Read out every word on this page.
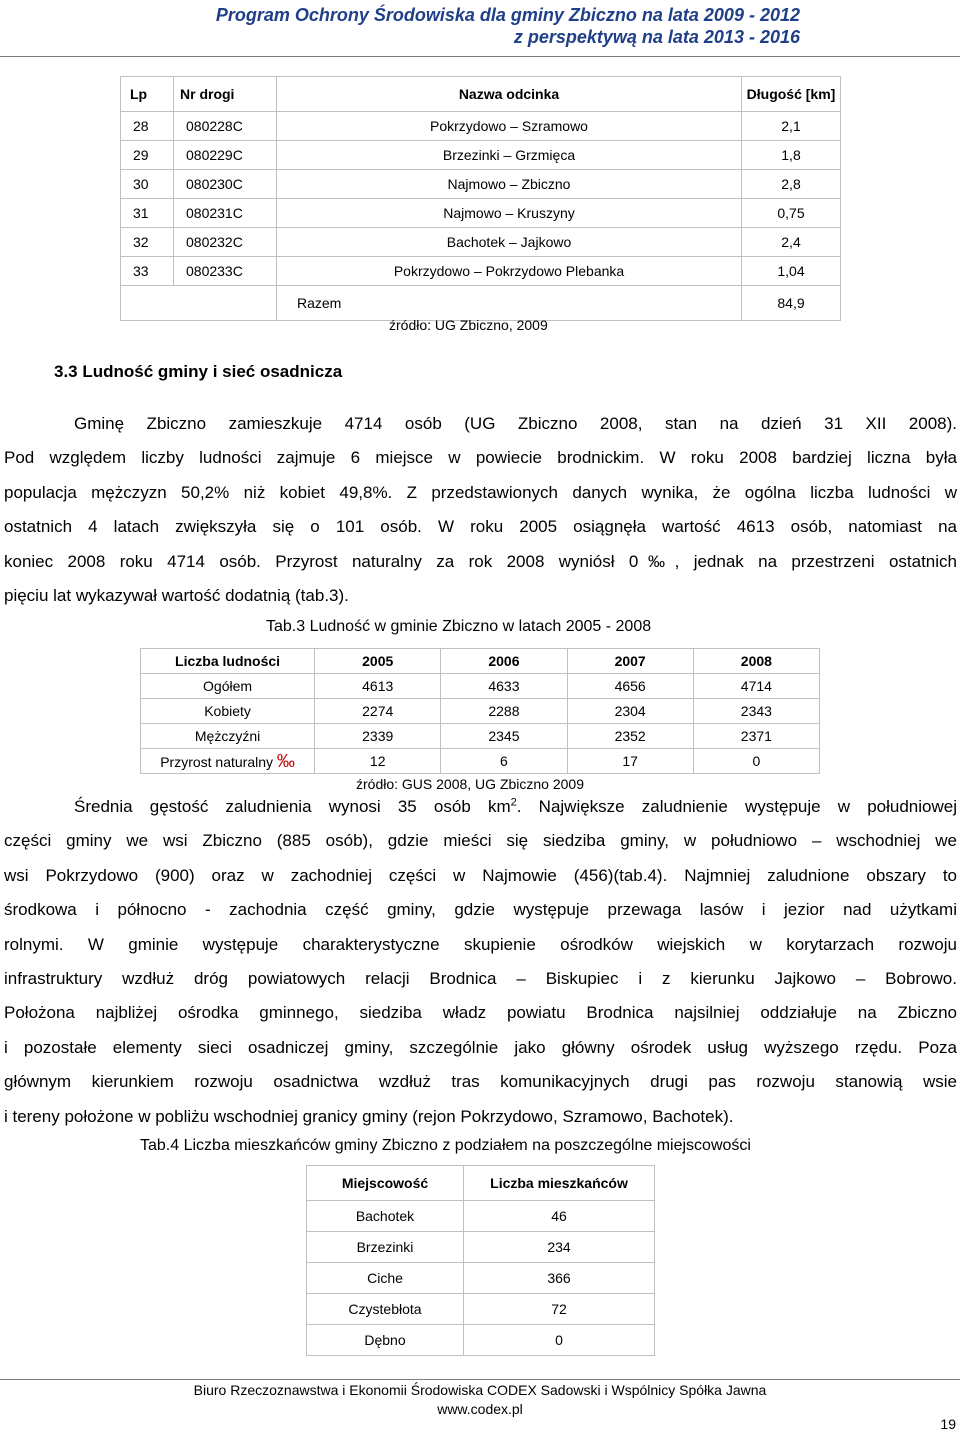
Program Ochrony Środowiska dla gminy Zbiczno na lata 2009 - 2012
z perspektywą na lata 2013 - 2016
Lp	Nr drogi	Nazwa odcinka	Długość [km]
28	080228C	Pokrzydowo – Szramowo	2,1
29	080229C	Brzezinki – Grzmięca	1,8
30	080230C	Najmowo – Zbiczno	2,8
31	080231C	Najmowo – Kruszyny	0,75
32	080232C	Bachotek – Jajkowo	2,4
33	080233C	Pokrzydowo – Pokrzydowo Plebanka	1,04
		Razem	84,9
źródło: UG Zbiczno, 2009
3.3 Ludność gminy i sieć osadnicza
Gminę Zbiczno zamieszkuje 4714 osób (UG Zbiczno 2008, stan na dzień 31 XII 2008).
Pod względem liczby ludności zajmuje 6 miejsce w powiecie brodnickim. W roku 2008 bardziej liczna była
populacja mężczyzn 50,2% niż kobiet 49,8%. Z przedstawionych danych wynika, że ogólna liczba ludności w
ostatnich 4 latach zwiększyła się o 101 osób. W roku 2005 osiągnęła wartość 4613 osób, natomiast na
koniec 2008 roku 4714 osób. Przyrost naturalny za rok 2008 wyniósł 0‰, jednak na przestrzeni ostatnich
pięciu lat wykazywał wartość dodatnią (tab.3).
Tab.3 Ludność w gminie Zbiczno w latach 2005 - 2008
Liczba ludności	2005	2006	2007	2008
Ogółem	4613	4633	4656	4714
Kobiety	2274	2288	2304	2343
Mężczyźni	2339	2345	2352	2371
Przyrost naturalny ‰	12	6	17	0
źródło: GUS 2008, UG Zbiczno 2009
Średnia gęstość zaludnienia wynosi 35 osób $km^2$. Największe zaludnienie występuje w południowej
części gminy we wsi Zbiczno (885 osób), gdzie mieści się siedziba gminy, w południowo – wschodniej we
wsi Pokrzydowo (900) oraz w zachodniej części w Najmowie (456)(tab.4). Najmniej zaludnione obszary to
środkowa i północno - zachodnia część gminy, gdzie występuje przewaga lasów i jezior nad użytkami
rolnymi. W gminie występuje charakterystyczne skupienie ośrodków wiejskich w korytarzach rozwoju
infrastruktury wzdłuż dróg powiatowych relacji Brodnica – Biskupiec i z kierunku Jajkowo – Bobrowo.
Położona najbliżej ośrodka gminnego, siedziba władz powiatu Brodnica najsilniej oddziałuje na Zbiczno
i pozostałe elementy sieci osadniczej gminy, szczególnie jako główny ośrodek usług wyższego rzędu. Poza
głównym kierunkiem rozwoju osadnictwa wzdłuż tras komunikacyjnych drugi pas rozwoju stanowią wsie
i tereny położone w pobliżu wschodniej granicy gminy (rejon Pokrzydowo, Szramowo, Bachotek).
Tab.4 Liczba mieszkańców gminy Zbiczno z podziałem na poszczególne miejscowości
Miejscowość	Liczba mieszkańców
Bachotek	46
Brzezinki	234
Ciche	366
Czystebłota	72
Dębno	0
Biuro Rzeczoznawstwa i Ekonomii Środowiska CODEX Sadowski i Wspólnicy Spółka Jawna
www.codex.pl
19
